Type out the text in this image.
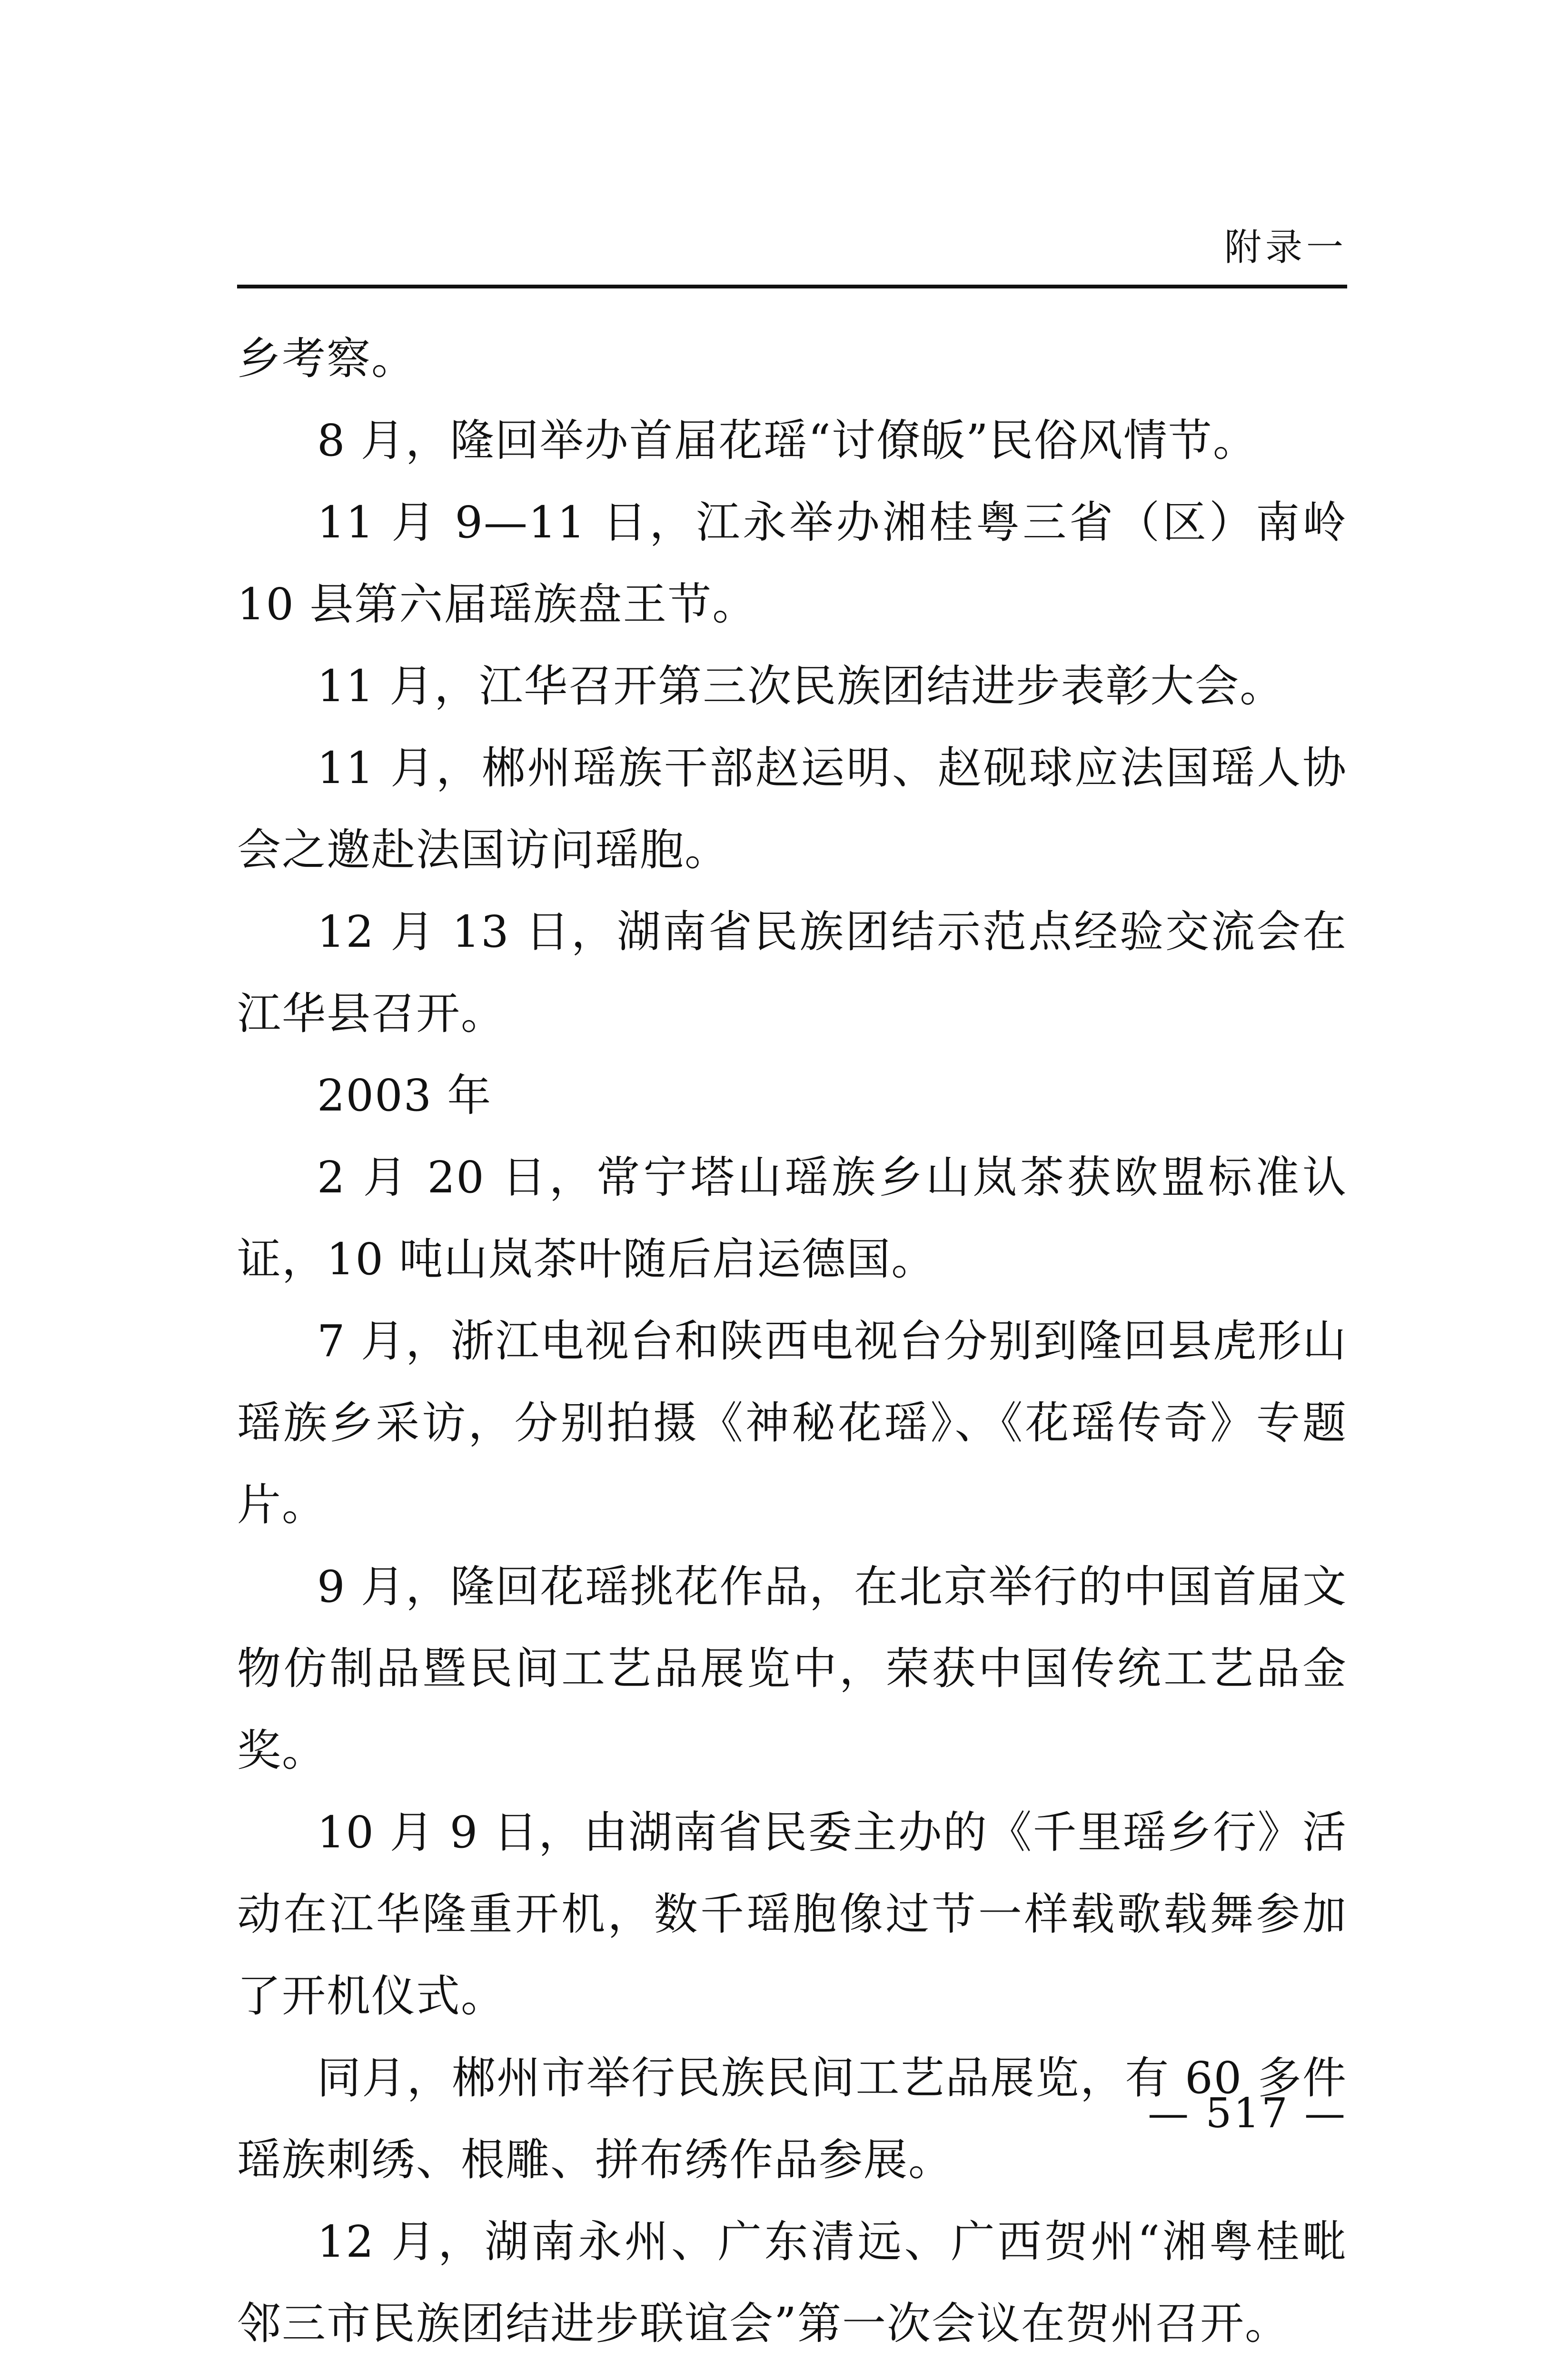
附录一

乡考察。

8 月，隆回举办首届花瑶“讨僚皈”民俗风情节。

11 月 9—11 日，江永举办湘桂粤三省（区）南岭 10 县第六届瑶族盘王节。

11 月，江华召开第三次民族团结进步表彰大会。

11 月，郴州瑶族干部赵运明、赵砚球应法国瑶人协会之邀赴法国访问瑶胞。

12 月 13 日，湖南省民族团结示范点经验交流会在江华县召开。

2003 年

2 月 20 日，常宁塔山瑶族乡山岚茶获欧盟标准认证，10 吨山岚茶叶随后启运德国。

7 月，浙江电视台和陕西电视台分别到隆回县虎形山瑶族乡采访，分别拍摄《神秘花瑶》、《花瑶传奇》专题片。

9 月，隆回花瑶挑花作品，在北京举行的中国首届文物仿制品暨民间工艺品展览中，荣获中国传统工艺品金奖。

10 月 9 日，由湖南省民委主办的《千里瑶乡行》活动在江华隆重开机，数千瑶胞像过节一样载歌载舞参加了开机仪式。

同月，郴州市举行民族民间工艺品展览，有 60 多件瑶族刺绣、根雕、拼布绣作品参展。

12 月，湖南永州、广东清远、广西贺州“湘粤桂毗邻三市民族团结进步联谊会”第一次会议在贺州召开。

— 517 —
